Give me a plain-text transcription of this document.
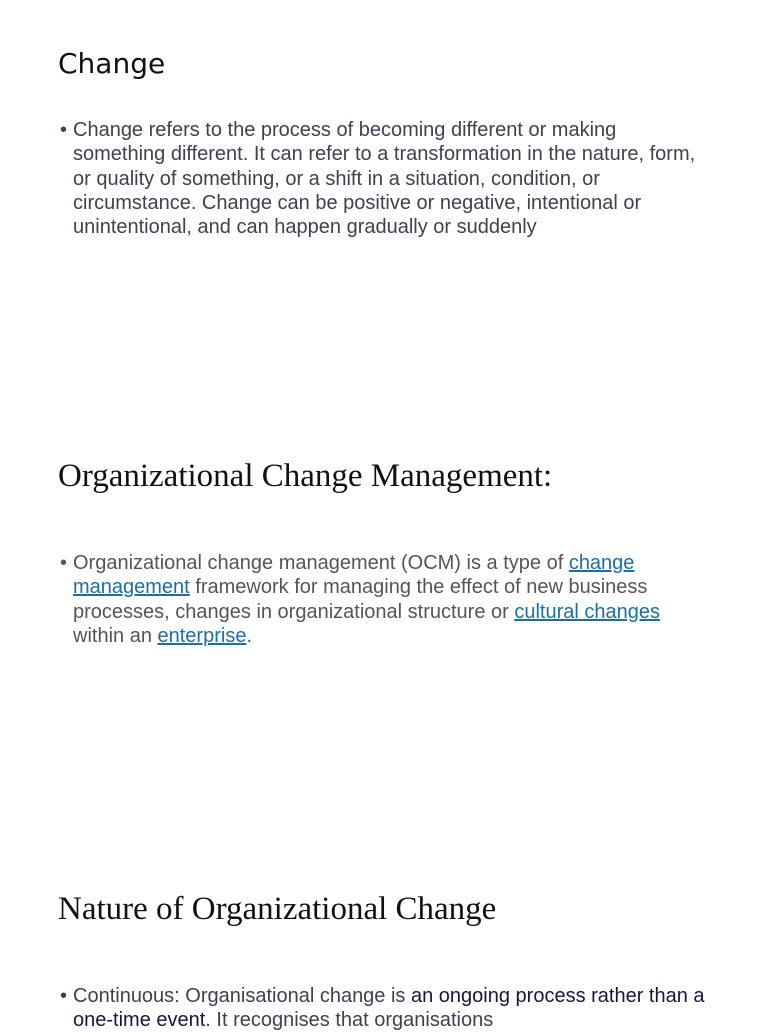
Change
• Change refers to the process of becoming different or making something different. It can refer to a transformation in the nature, form, or quality of something, or a shift in a situation, condition, or circumstance. Change can be positive or negative, intentional or unintentional, and can happen gradually or suddenly
Organizational Change Management:
• Organizational change management (OCM) is a type of change management framework for managing the effect of new business processes, changes in organizational structure or cultural changes within an enterprise.
Nature of Organizational Change
• Continuous: Organisational change is an ongoing process rather than a one-time event. It recognises that organisations
